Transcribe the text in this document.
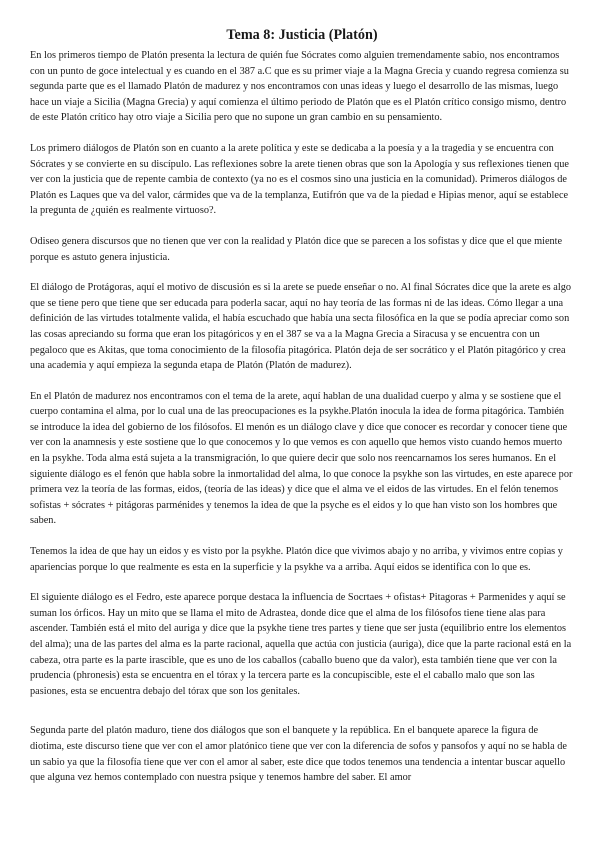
Tema 8: Justicia (Platón)

En los primeros tiempo de Platón presenta la lectura de quién fue Sócrates como alguien tremendamente sabio, nos encontramos con un punto de goce intelectual y es cuando en el 387 a.C que es su primer viaje a la Magna Grecia y cuando regresa comienza su segunda parte que es el llamado Platón de madurez y nos encontramos con unas ideas y luego el desarrollo de las mismas, luego hace un viaje a Sicilia (Magna Grecia) y aquí comienza el último periodo de Platón que es el Platón crítico consigo mismo, dentro de este Platón crítico hay otro viaje a Sicilia pero que no supone un gran cambio en su pensamiento.

Los primero diálogos de Platón son en cuanto a la arete política y este se dedicaba a la poesía y a la tragedia y se encuentra con Sócrates y se convierte en su discípulo. Las reflexiones sobre la arete tienen obras que son la Apología y sus reflexiones tienen que ver con la justicia que de repente cambia de contexto (ya no es el cosmos sino una justicia en la comunidad). Primeros diálogos de Platón es Laques que va del valor, cármides que va de la templanza, Eutifrón que va de la piedad e Hipias menor, aquí se establece la pregunta de ¿quién es realmente virtuoso?.

Odiseo genera discursos que no tienen que ver con la realidad y Platón dice que se parecen a los sofistas y dice que el que miente porque es astuto genera injusticia.

El diálogo de Protágoras, aquí el motivo de discusión es si la arete se puede enseñar o no. Al final Sócrates dice que la arete es algo que se tiene pero que tiene que ser educada para poderla sacar, aquí no hay teoría de las formas ni de las ideas. Cómo llegar a una definición de las virtudes totalmente valida, el había escuchado que había una secta filosófica en la que se podía apreciar como son las cosas apreciando su forma que eran los pitagóricos y en el 387 se va a la Magna Grecia a Siracusa y se encuentra con un pegaloco que es Akitas, que toma conocimiento de la filosofía pitagórica. Platón deja de ser socrático y el Platón pitagórico y crea una academia y aquí empieza la segunda etapa de Platón (Platón de madurez).

En el Platón de madurez nos encontramos con el tema de la arete, aquí hablan de una dualidad cuerpo y alma y se sostiene que el cuerpo contamina el alma, por lo cual una de las preocupaciones es la psykhe.Platón inocula la idea de forma pitagórica. También se introduce la idea del gobierno de los filósofos. El menón es un diálogo clave y dice que conocer es recordar y conocer tiene que ver con la anamnesis y este sostiene que lo que conocemos y lo que vemos es con aquello que hemos visto cuando hemos muerto en la psykhe. Toda alma está sujeta a la transmigración, lo que quiere decir que solo nos reencarnamos los seres humanos. En el siguiente diálogo es el fenón que habla sobre la inmortalidad del alma, lo que conoce la psykhe son las virtudes, en este aparece por primera vez la teoría de las formas, eidos, (teoría de las ideas) y dice que el alma ve el eidos de las virtudes. En el felón tenemos sofistas + sócrates + pitágoras parménides y tenemos la idea de que la psyche es el eidos y lo que han visto son los hombres que saben.

Tenemos la idea de que hay un eidos y es visto por la psykhe. Platón dice que vivimos abajo y no arriba, y vivimos entre copias y apariencias porque lo que realmente es esta en la superficie y la psykhe va a arriba. Aquí eidos se identifica con lo que es.

El siguiente diálogo es el Fedro, este aparece porque destaca la influencia de Socrtaes + ofistas+ Pitagoras + Parmenides y aquí se suman los órficos. Hay un mito que se llama el mito de Adrastea, donde dice que el alma de los filósofos tiene tiene alas para ascender. También está el mito del auriga y dice que la psykhe tiene tres partes y tiene que ser justa (equilibrio entre los elementos del alma); una de las partes del alma es la parte racional, aquella que actúa con justicia (auriga), dice que la parte racional está en la cabeza, otra parte es la parte irascible, que es uno de los caballos (caballo bueno que da valor), esta también tiene que ver con la prudencia (phronesis) esta se encuentra en el tórax y la tercera parte es la concupiscible, este el el caballo malo que son las pasiones, esta se encuentra debajo del tórax que son los genitales.

Segunda parte del platón maduro, tiene dos diálogos que son el banquete y la república. En el banquete aparece la figura de diotima, este discurso tiene que ver con el amor platónico tiene que ver con la diferencia de sofos y pansofos y aquí no se habla de un sabio ya que la filosofía tiene que ver con el amor al saber, este dice que todos tenemos una tendencia a intentar buscar aquello que alguna vez hemos contemplado con nuestra psique y tenemos hambre del saber. El amor
